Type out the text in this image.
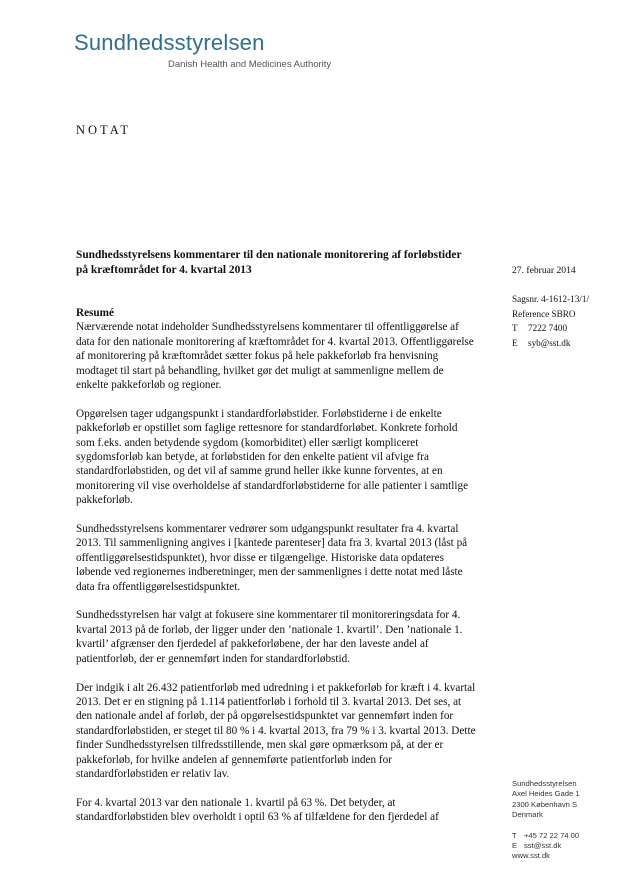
Sundhedsstyrelsen
Danish Health and Medicines Authority
NOTAT
Sundhedsstyrelsens kommentarer til den nationale monitorering af forløbstider på kræftområdet for 4. kvartal 2013	27. februar 2014
Sagsnr. 4-1612-13/1/
Reference SBRO
T 7222 7400
E syb@sst.dk
Resumé

Nærværende notat indeholder Sundhedsstyrelsens kommentarer til offentliggørelse af data for den nationale monitorering af kræftområdet for 4. kvartal 2013. Offentliggørelse af monitorering på kræftområdet sætter fokus på hele pakkeforløb fra henvisning modtaget til start på behandling, hvilket gør det muligt at sammenligne mellem de enkelte pakkeforløb og regioner.

Opgørelsen tager udgangspunkt i standardforløbstider. Forløbstiderne i de enkelte pakkeforløb er opstillet som faglige rettesnore for standardforløbet. Konkrete forhold som f.eks. anden betydende sygdom (komorbiditet) eller særligt kompliceret sygdomsforløb kan betyde, at forløbstiden for den enkelte patient vil afvige fra standardforløbstiden, og det vil af samme grund heller ikke kunne forventes, at en monitorering vil vise overholdelse af standardforløbstiderne for alle patienter i samtlige pakkeforløb.

Sundhedsstyrelsens kommentarer vedrører som udgangspunkt resultater fra 4. kvartal 2013. Til sammenligning angives i [kantede parenteser] data fra 3. kvartal 2013 (låst på offentliggørelsestidspunktet), hvor disse er tilgængelige. Historiske data opdateres løbende ved regionernes indberetninger, men der sammenlignes i dette notat med låste data fra offentliggørelsestidspunktet.

Sundhedsstyrelsen har valgt at fokusere sine kommentarer til monitoreringsdata for 4. kvartal 2013 på de forløb, der ligger under den ’nationale 1. kvartil’. Den ’nationale 1. kvartil’ afgrænser den fjerdedel af pakkeforløbene, der har den laveste andel af patientforløb, der er gennemført inden for standardforløbstid.

Der indgik i alt 26.432 patientforløb med udredning i et pakkeforløb for kræft i 4. kvartal 2013. Det er en stigning på 1.114 patientforløb i forhold til 3. kvartal 2013. Det ses, at den nationale andel af forløb, der på opgørelsestidspunktet var gennemført inden for standardforløbstiden, er steget til 80 % i 4. kvartal 2013, fra 79 % i 3. kvartal 2013. Dette finder Sundhedsstyrelsen tilfredsstillende, men skal gøre opmærksom på, at der er pakkeforløb, for hvilke andelen af gennemførte patientforløb inden for standardforløbstiden er relativ lav.

For 4. kvartal 2013 var den nationale 1. kvartil på 63 %. Det betyder, at standardforløbstiden blev overholdt i optil 63 % af tilfældene for den fjerdedel af

Sundhedsstyrelsen
Axel Heides Gade 1
2300 København S
Denmark
T +45 72 22 74 00
E sst@sst.dk
www.sst.dk
